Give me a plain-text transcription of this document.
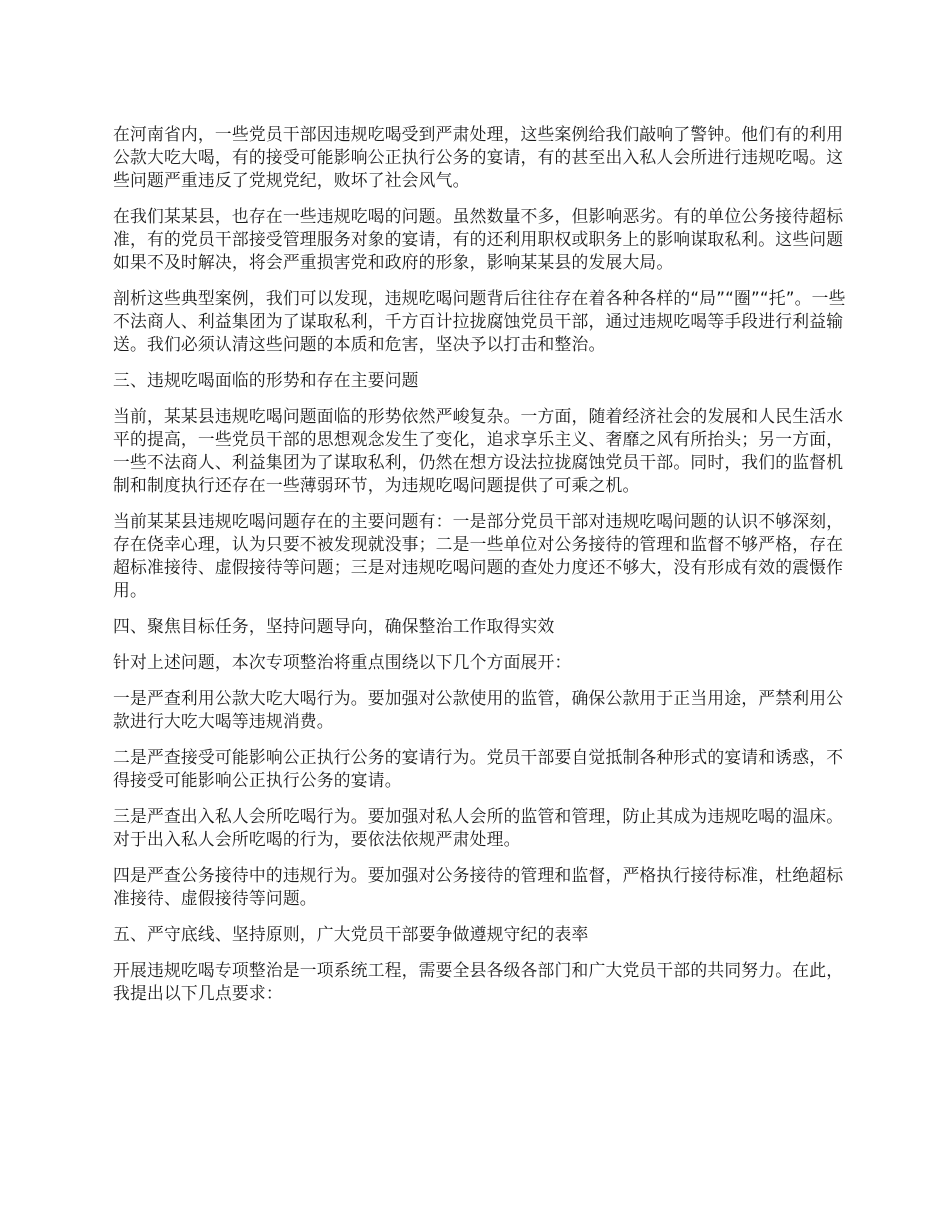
在河南省内，一些党员干部因违规吃喝受到严肃处理，这些案例给我们敲响了警钟。他们有的利用公款大吃大喝，有的接受可能影响公正执行公务的宴请，有的甚至出入私人会所进行违规吃喝。这些问题严重违反了党规党纪，败坏了社会风气。

在我们某某县，也存在一些违规吃喝的问题。虽然数量不多，但影响恶劣。有的单位公务接待超标准，有的党员干部接受管理服务对象的宴请，有的还利用职权或职务上的影响谋取私利。这些问题如果不及时解决，将会严重损害党和政府的形象，影响某某县的发展大局。

剖析这些典型案例，我们可以发现，违规吃喝问题背后往往存在着各种各样的“局”“圈”“托”。一些不法商人、利益集团为了谋取私利，千方百计拉拢腐蚀党员干部，通过违规吃喝等手段进行利益输送。我们必须认清这些问题的本质和危害，坚决予以打击和整治。

三、违规吃喝面临的形势和存在主要问题

当前，某某县违规吃喝问题面临的形势依然严峻复杂。一方面，随着经济社会的发展和人民生活水平的提高，一些党员干部的思想观念发生了变化，追求享乐主义、奢靡之风有所抬头；另一方面，一些不法商人、利益集团为了谋取私利，仍然在想方设法拉拢腐蚀党员干部。同时，我们的监督机制和制度执行还存在一些薄弱环节，为违规吃喝问题提供了可乘之机。

当前某某县违规吃喝问题存在的主要问题有：一是部分党员干部对违规吃喝问题的认识不够深刻，存在侥幸心理，认为只要不被发现就没事；二是一些单位对公务接待的管理和监督不够严格，存在超标准接待、虚假接待等问题；三是对违规吃喝问题的查处力度还不够大，没有形成有效的震慑作用。

四、聚焦目标任务，坚持问题导向，确保整治工作取得实效

针对上述问题，本次专项整治将重点围绕以下几个方面展开：

一是严查利用公款大吃大喝行为。要加强对公款使用的监管，确保公款用于正当用途，严禁利用公款进行大吃大喝等违规消费。

二是严查接受可能影响公正执行公务的宴请行为。党员干部要自觉抵制各种形式的宴请和诱惑，不得接受可能影响公正执行公务的宴请。

三是严查出入私人会所吃喝行为。要加强对私人会所的监管和管理，防止其成为违规吃喝的温床。对于出入私人会所吃喝的行为，要依法依规严肃处理。

四是严查公务接待中的违规行为。要加强对公务接待的管理和监督，严格执行接待标准，杜绝超标准接待、虚假接待等问题。

五、严守底线、坚持原则，广大党员干部要争做遵规守纪的表率

开展违规吃喝专项整治是一项系统工程，需要全县各级各部门和广大党员干部的共同努力。在此，我提出以下几点要求：
